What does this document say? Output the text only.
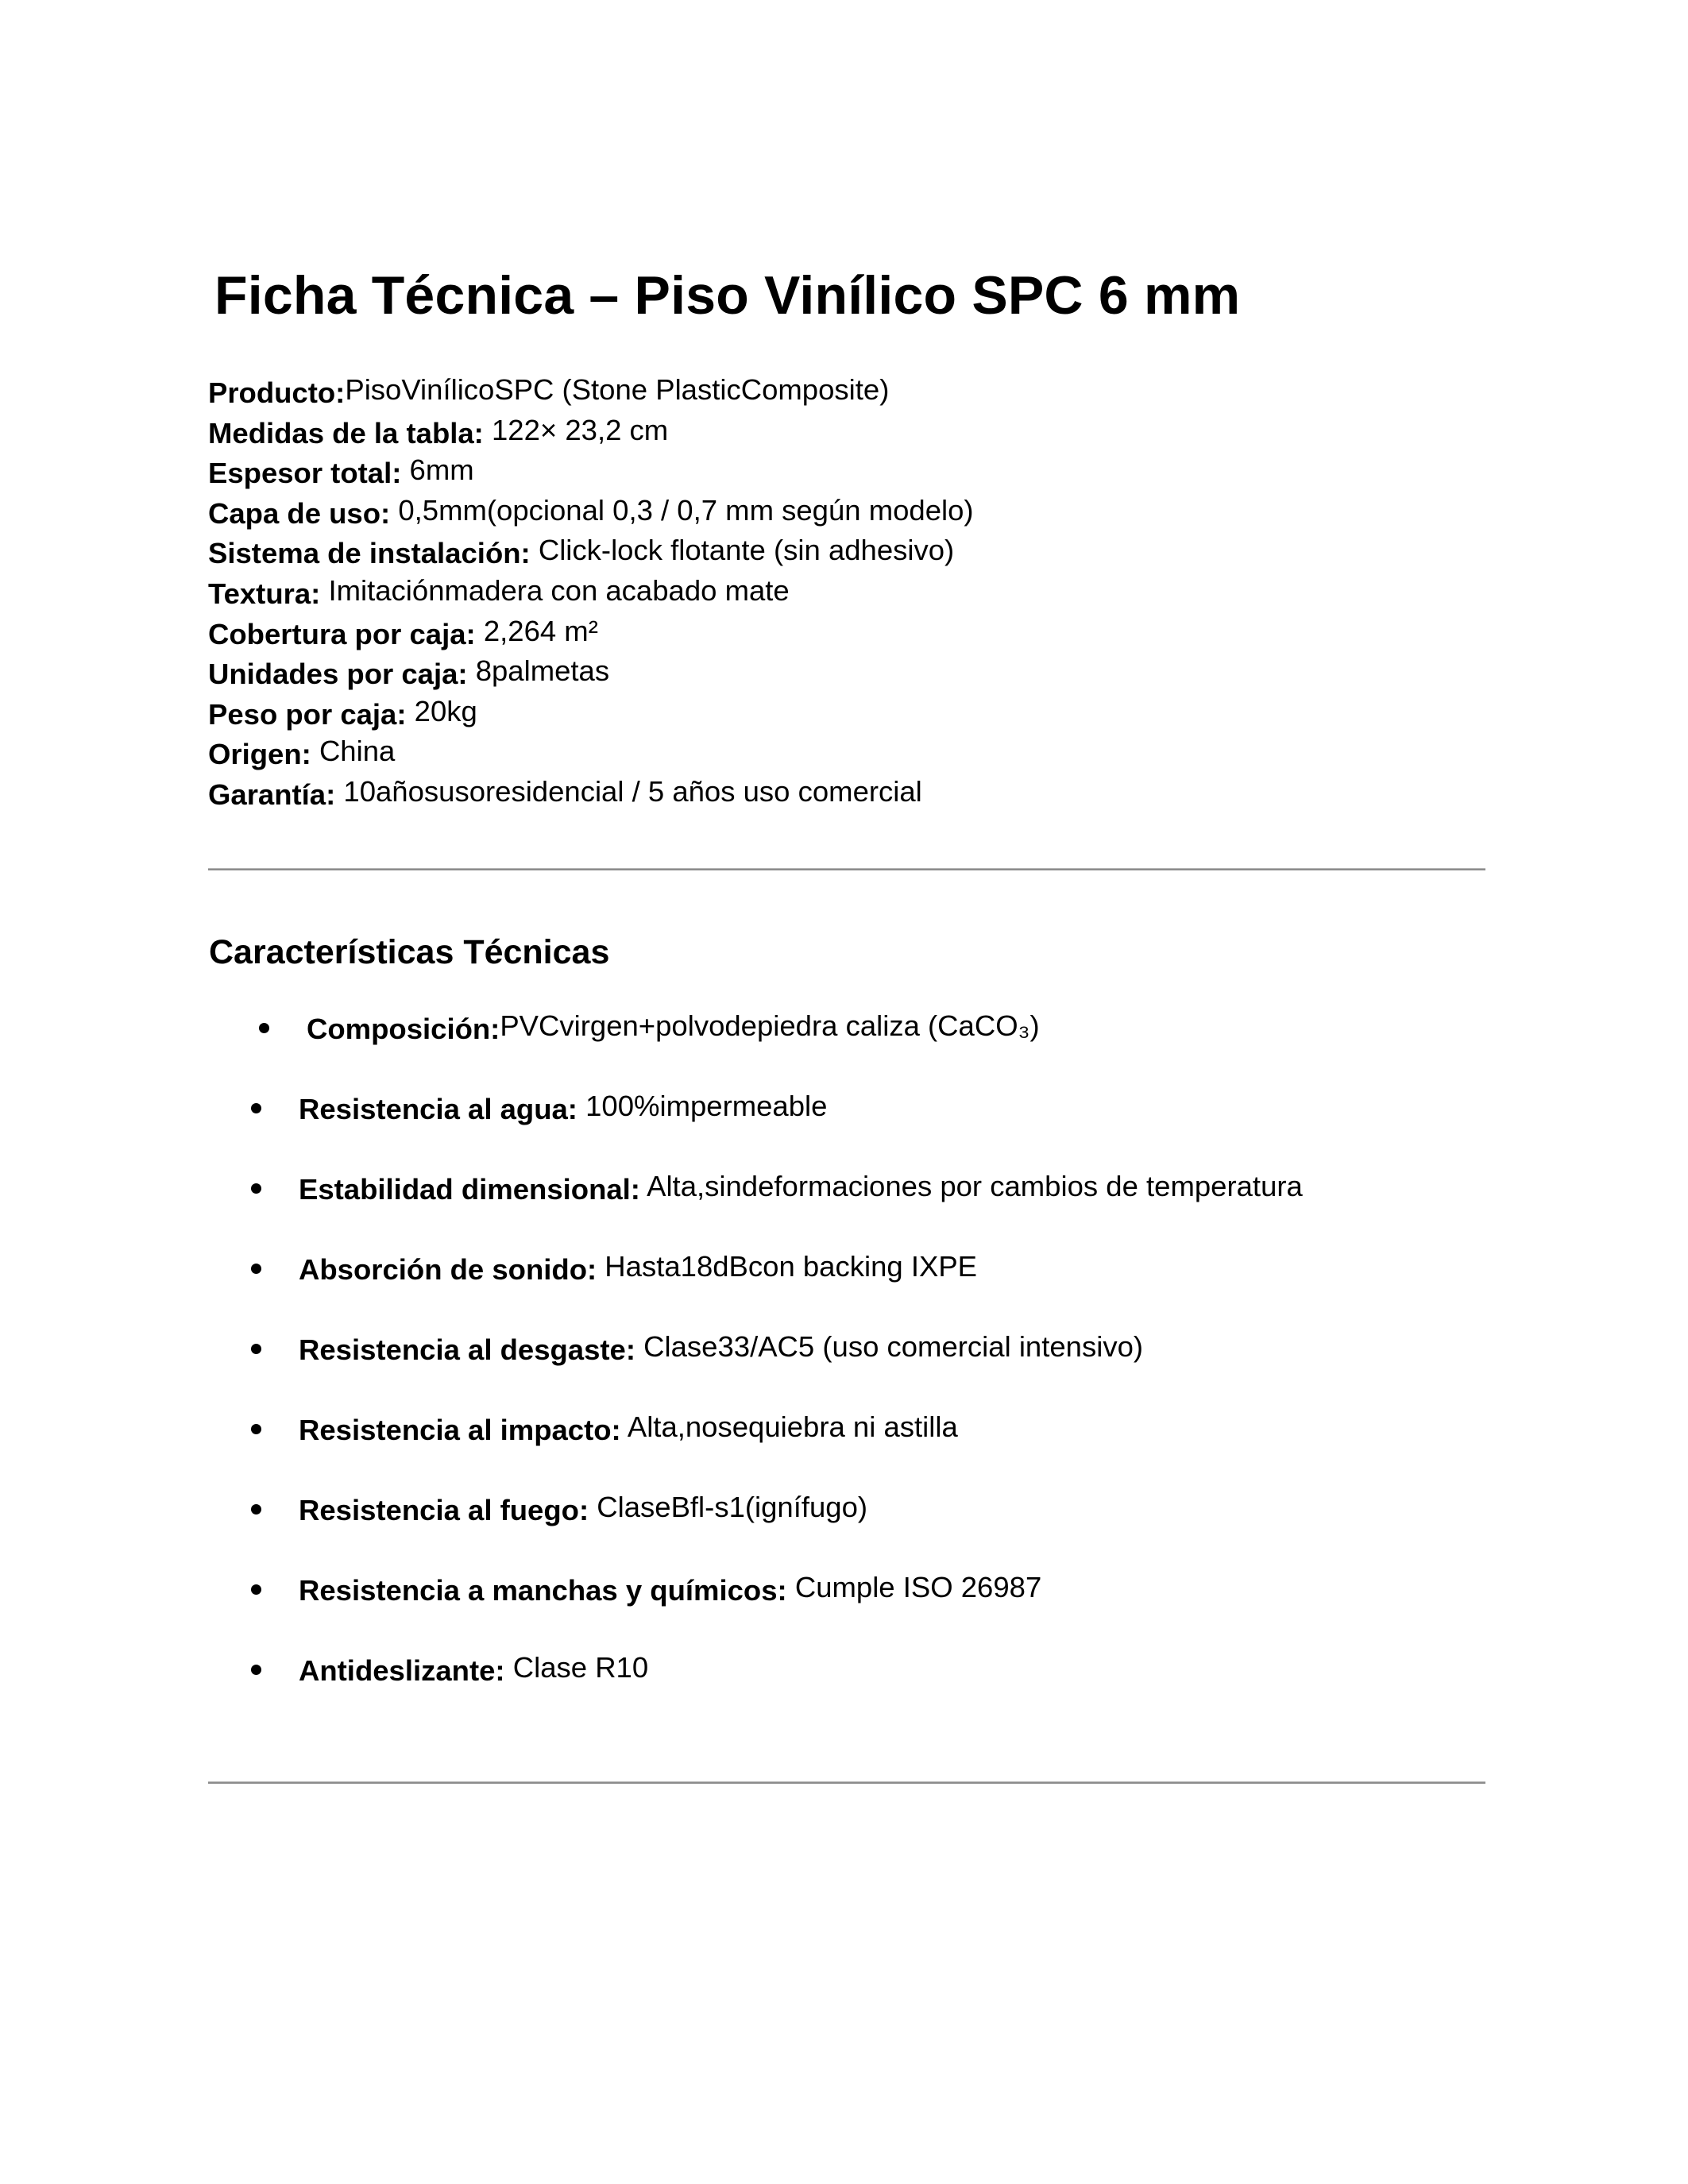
Ficha Técnica – Piso Vinílico SPC 6 mm
Producto:PisoVinílicoSPC (Stone PlasticComposite)
Medidas de la tabla: 122× 23,2 cm
Espesor total: 6mm
Capa de uso: 0,5mm(opcional 0,3 / 0,7 mm según modelo)
Sistema de instalación: Click-lock flotante (sin adhesivo)
Textura: Imitaciónmadera con acabado mate
Cobertura por caja: 2,264 m²
Unidades por caja: 8palmetas
Peso por caja: 20kg
Origen: China
Garantía: 10añosusoresidencial / 5 años uso comercial
Características Técnicas
Composición:PVCvirgen+polvodepiedra caliza (CaCO₃)
Resistencia al agua: 100%impermeable
Estabilidad dimensional: Alta,sindeformaciones por cambios de temperatura
Absorción de sonido: Hasta18dBcon backing IXPE
Resistencia al desgaste: Clase33/AC5 (uso comercial intensivo)
Resistencia al impacto: Alta,nosequiebra ni astilla
Resistencia al fuego: ClaseBfl-s1(ignífugo)
Resistencia a manchas y químicos: Cumple ISO 26987
Antideslizante: Clase R10
